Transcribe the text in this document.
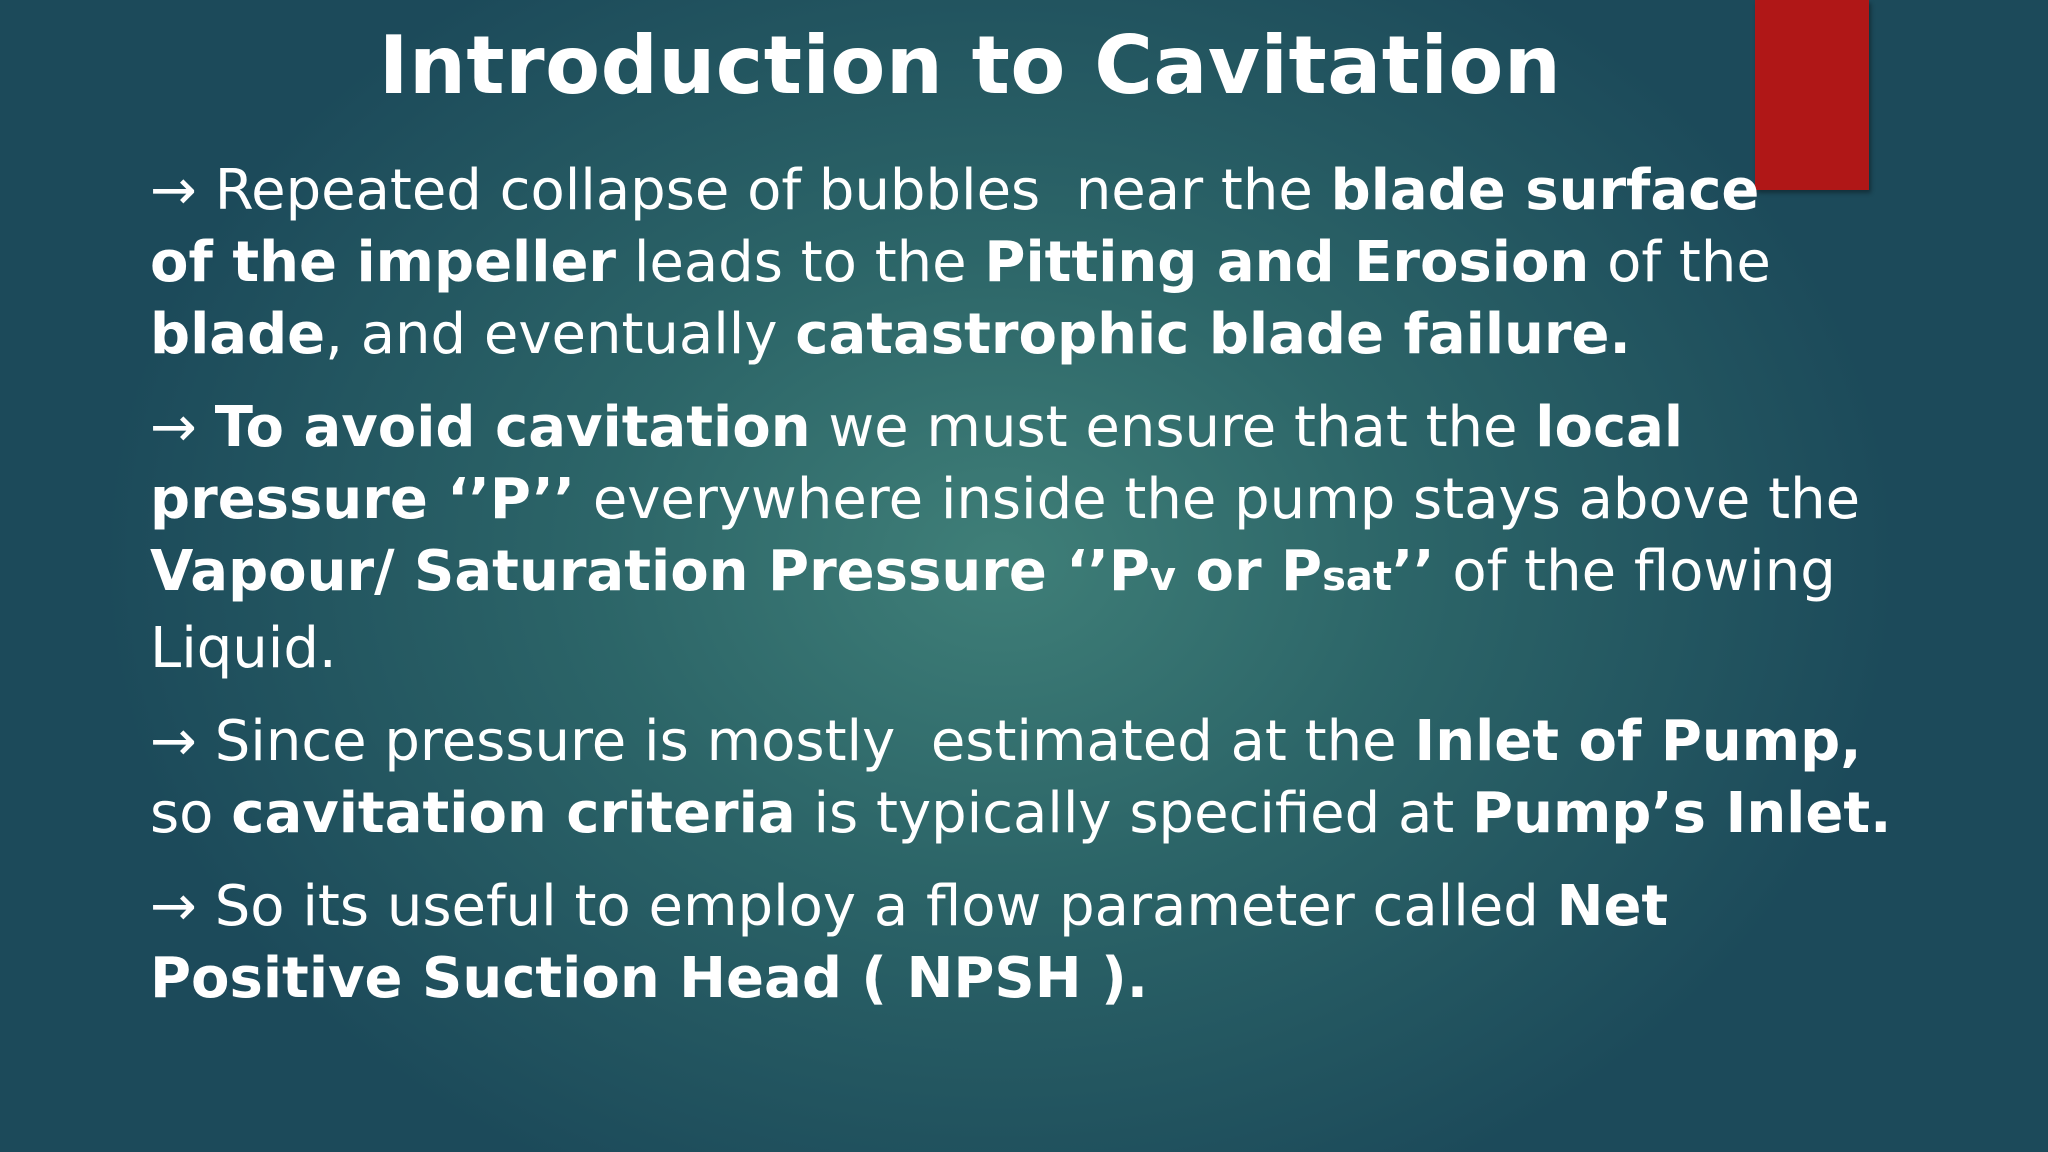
Introduction to Cavitation
→ Repeated collapse of bubbles  near the blade surface
of the impeller leads to the Pitting and Erosion of the
blade, and eventually catastrophic blade failure.
→ To avoid cavitation we must ensure that the local
pressure ‘’P’’ everywhere inside the pump stays above the
Vapour/ Saturation Pressure ‘’Pv or Psat’’ of the flowing
Liquid.
→ Since pressure is mostly  estimated at the Inlet of Pump,
so cavitation criteria is typically specified at Pump’s Inlet.
→ So its useful to employ a flow parameter called Net
Positive Suction Head ( NPSH ).
